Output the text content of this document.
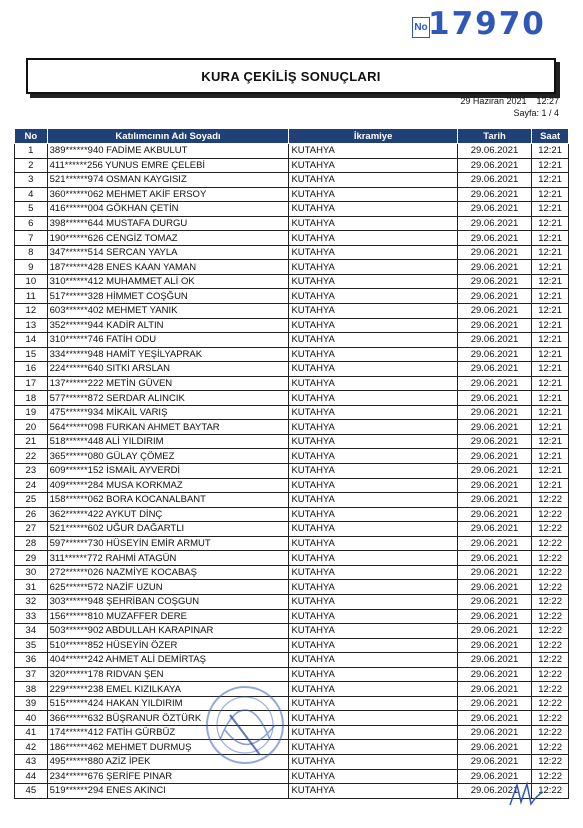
No 17970
KURA ÇEKİLİŞ SONUÇLARI
29 Haziran 2021 12:27
Sayfa: 1 / 4
No	Katılımcının Adı Soyadı	İkramiye	Tarih	Saat
1	389******940 FADİME AKBULUT	KUTAHYA	29.06.2021	12:21
2	411******256 YUNUS EMRE ÇELEBİ	KUTAHYA	29.06.2021	12:21
3	521******974 OSMAN KAYGISIZ	KUTAHYA	29.06.2021	12:21
4	360******062 MEHMET AKİF ERSOY	KUTAHYA	29.06.2021	12:21
5	416******004 GÖKHAN ÇETİN	KUTAHYA	29.06.2021	12:21
6	398******644 MUSTAFA DURGU	KUTAHYA	29.06.2021	12:21
7	190******626 CENGİZ TOMAZ	KUTAHYA	29.06.2021	12:21
8	347******514 SERCAN YAYLA	KUTAHYA	29.06.2021	12:21
9	187******428 ENES KAAN YAMAN	KUTAHYA	29.06.2021	12:21
10	310******412 MUHAMMET ALİ OK	KUTAHYA	29.06.2021	12:21
11	517******328 HİMMET COŞĞUN	KUTAHYA	29.06.2021	12:21
12	603******402 MEHMET YANIK	KUTAHYA	29.06.2021	12:21
13	352******944 KADİR ALTIN	KUTAHYA	29.06.2021	12:21
14	310******746 FATİH ODU	KUTAHYA	29.06.2021	12:21
15	334******948 HAMİT YEŞİLYAPRAK	KUTAHYA	29.06.2021	12:21
16	224******640 SITKI ARSLAN	KUTAHYA	29.06.2021	12:21
17	137******222 METİN GÜVEN	KUTAHYA	29.06.2021	12:21
18	577******872 SERDAR ALINCIK	KUTAHYA	29.06.2021	12:21
19	475******934 MİKAİL VARIŞ	KUTAHYA	29.06.2021	12:21
20	564******098 FURKAN AHMET BAYTAR	KUTAHYA	29.06.2021	12:21
21	518******448 ALİ YILDIRIM	KUTAHYA	29.06.2021	12:21
22	365******080 GÜLAY ÇÖMEZ	KUTAHYA	29.06.2021	12:21
23	609******152 İSMAİL AYVERDİ	KUTAHYA	29.06.2021	12:21
24	409******284 MUSA KORKMAZ	KUTAHYA	29.06.2021	12:21
25	158******062 BORA KOCANALBANT	KUTAHYA	29.06.2021	12:22
26	362******422 AYKUT DİNÇ	KUTAHYA	29.06.2021	12:22
27	521******602 UĞUR DAĞARTLI	KUTAHYA	29.06.2021	12:22
28	597******730 HÜSEYİN EMİR ARMUT	KUTAHYA	29.06.2021	12:22
29	311******772 RAHMİ ATAGÜN	KUTAHYA	29.06.2021	12:22
30	272******026 NAZMİYE KOCABAŞ	KUTAHYA	29.06.2021	12:22
31	625******572 NAZİF UZUN	KUTAHYA	29.06.2021	12:22
32	303******948 ŞEHRİBAN COŞGUN	KUTAHYA	29.06.2021	12:22
33	156******810 MUZAFFER DERE	KUTAHYA	29.06.2021	12:22
34	503******902 ABDULLAH KARAPINAR	KUTAHYA	29.06.2021	12:22
35	510******852 HÜSEYİN ÖZER	KUTAHYA	29.06.2021	12:22
36	404******242 AHMET ALİ DEMİRTAŞ	KUTAHYA	29.06.2021	12:22
37	320******178 RIDVAN ŞEN	KUTAHYA	29.06.2021	12:22
38	229******238 EMEL KIZILKAYA	KUTAHYA	29.06.2021	12:22
39	515******424 HAKAN YILDIRIM	KUTAHYA	29.06.2021	12:22
40	366******632 BÜŞRANUR ÖZTÜRK	KUTAHYA	29.06.2021	12:22
41	174******412 FATİH GÜRBÜZ	KUTAHYA	29.06.2021	12:22
42	186******462 MEHMET DURMUŞ	KUTAHYA	29.06.2021	12:22
43	495******880 AZİZ İPEK	KUTAHYA	29.06.2021	12:22
44	234******676 ŞERİFE PINAR	KUTAHYA	29.06.2021	12:22
45	519******294 ENES AKINCI	KUTAHYA	29.06.2021	12:22
